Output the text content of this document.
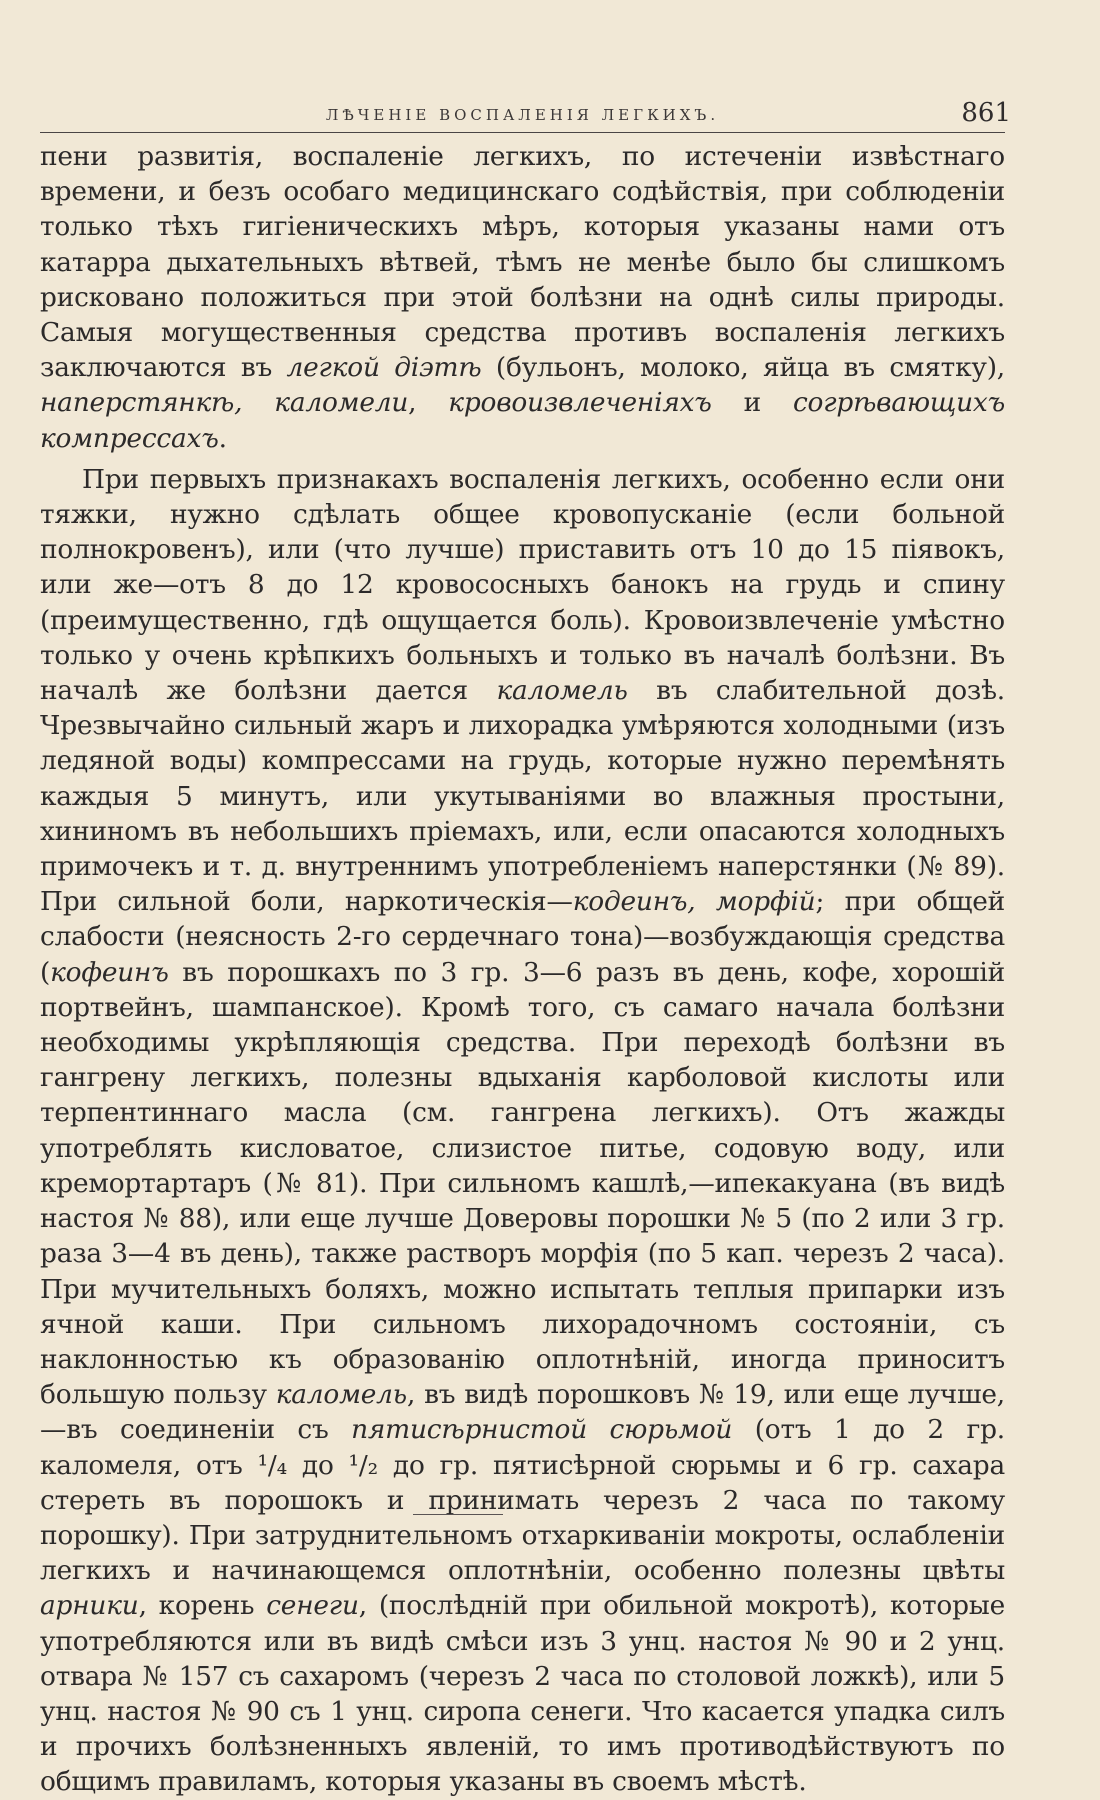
ЛѢЧЕНІЕ ВОСПАЛЕНІЯ ЛЕГКИХЪ.	861

пени развитія, воспаленіе легкихъ, по истеченіи извѣстнаго времени, и безъ особаго медицинскаго содѣйствія, при соблюденіи только тѣхъ гигіеническихъ мѣръ, которыя указаны нами отъ катарра дыхательныхъ вѣтвей, тѣмъ не менѣе было бы слишкомъ рисковано положиться при этой болѣзни на однѣ силы природы. Самыя могущественныя средства противъ воспаленія легкихъ заключаются въ легкой діэтѣ (бульонъ, молоко, яйца въ смятку), наперстянкѣ, каломели, кровоизвлеченіяхъ и согрѣвающихъ компрессахъ.

При первыхъ признакахъ воспаленія легкихъ, особенно если они тяжки, нужно сдѣлать общее кровопусканіе (если больной полнокровенъ), или (что лучше) приставить отъ 10 до 15 піявокъ, или же—отъ 8 до 12 кровососныхъ банокъ на грудь и спину (преимущественно, гдѣ ощущается боль). Кровоизвлеченіе умѣстно только у очень крѣпкихъ больныхъ и только въ началѣ болѣзни. Въ началѣ же болѣзни дается каломель въ слабительной дозѣ. Чрезвычайно сильный жаръ и лихорадка умѣряются холодными (изъ ледяной воды) компрессами на грудь, которые нужно перемѣнять каждыя 5 минутъ, или укутываніями во влажныя простыни, хининомъ въ небольшихъ пріемахъ, или, если опасаются холодныхъ примочекъ и т. д. внутреннимъ употребленіемъ наперстянки (№ 89). При сильной боли, наркотическія—кодеинъ, морфій; при общей слабости (неясность 2-го сердечнаго тона)—возбуждающія средства (кофеинъ въ порошкахъ по 3 гр. 3—6 разъ въ день, кофе, хорошій портвейнъ, шампанское). Кромѣ того, съ самаго начала болѣзни необходимы укрѣпляющія средства. При переходѣ болѣзни въ гангрену легкихъ, полезны вдыханія карболовой кислоты или терпентиннаго масла (см. гангрена легкихъ). Отъ жажды употреблять кисловатое, слизистое питье, содовую воду, или кремортартаръ (№ 81). При сильномъ кашлѣ,—ипекакуана (въ видѣ настоя № 88), или еще лучше Доверовы порошки № 5 (по 2 или 3 гр. раза 3—4 въ день), также растворъ морфія (по 5 кап. черезъ 2 часа). При мучительныхъ боляхъ, можно испытать теплыя припарки изъ ячной каши. При сильномъ лихорадочномъ состояніи, съ наклонностью къ образованію оплотнѣній, иногда приноситъ большую пользу каломель, въ видѣ порошковъ № 19, или еще лучше,—въ соединеніи съ пятисѣрнистой сюрьмой (отъ 1 до 2 гр. каломеля, отъ ¹/₄ до ¹/₂ до гр. пятисѣрной сюрьмы и 6 гр. сахара стереть въ порошокъ и принимать черезъ 2 часа по такому порошку). При затруднительномъ отхаркиваніи мокроты, ослабленіи легкихъ и начинающемся оплотнѣніи, особенно полезны цвѣты арники, корень сенеги, (послѣдній при обильной мокротѣ), которые употребляются или въ видѣ смѣси изъ 3 унц. настоя № 90 и 2 унц. отвара № 157 съ сахаромъ (черезъ 2 часа по столовой ложкѣ), или 5 унц. настоя № 90 съ 1 унц. сиропа сенеги. Что касается упадка силъ и прочихъ болѣзненныхъ явленій, то имъ противодѣйствуютъ по общимъ правиламъ, которыя указаны въ своемъ мѣстѣ.
